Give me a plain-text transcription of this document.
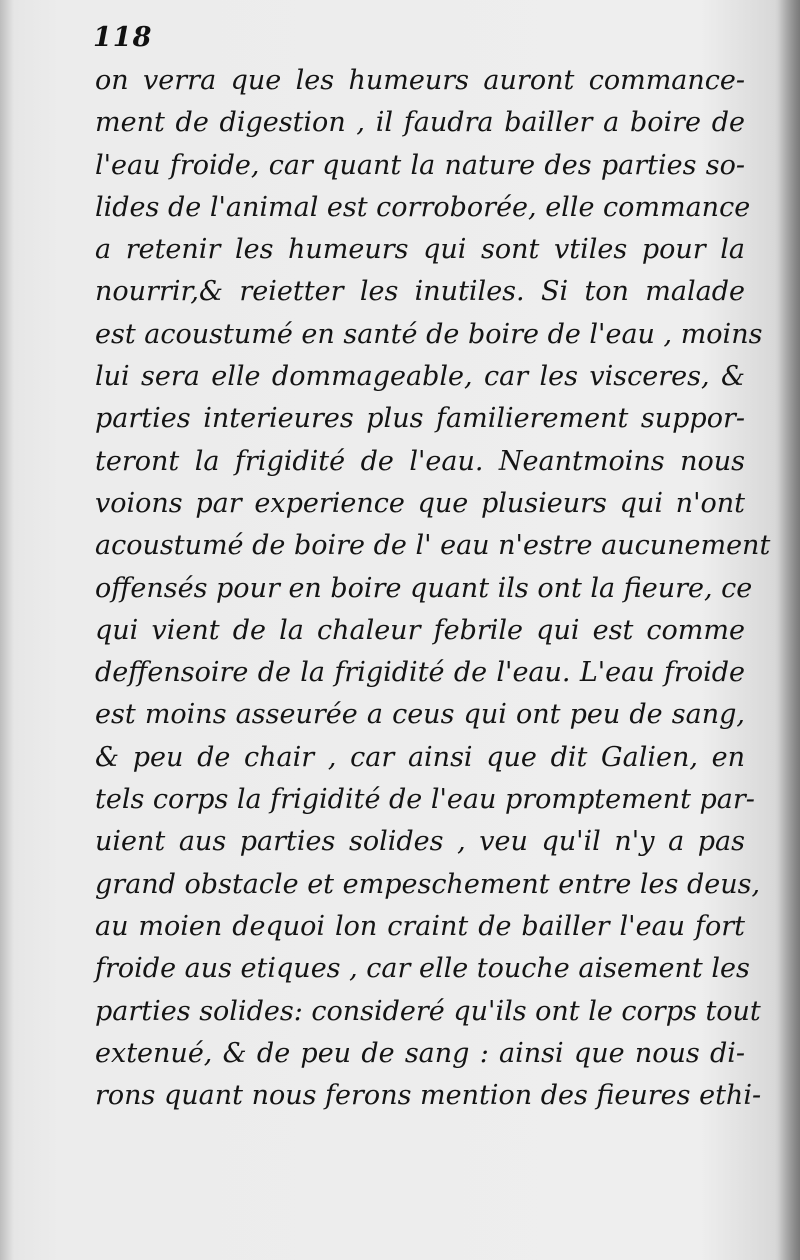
118
on verra que les humeurs auront commance-
ment de digestion , il faudra bailler a boire de
l'eau froide, car quant la nature des parties so-
lides de l'animal est corroborée, elle commance
a retenir les humeurs qui sont vtiles pour la
nourrir,& reietter les inutiles. Si ton malade
est acoustumé en santé de boire de l'eau , moins
lui sera elle dommageable, car les visceres, &
parties interieures plus familierement suppor-
teront la frigidité de l'eau. Neantmoins nous
voions par experience que plusieurs qui n'ont
acoustumé de boire de l' eau n'estre aucunement
offensés pour en boire quant ils ont la fieure, ce
qui vient de la chaleur febrile qui est comme
deffensoire de la frigidité de l'eau. L'eau froide
est moins asseurée a ceus qui ont peu de sang,
& peu de chair , car ainsi que dit Galien, en
tels corps la frigidité de l'eau promptement par-
uient aus parties solides , veu qu'il n'y a pas
grand obstacle et empeschement entre les deus,
au moien dequoi lon craint de bailler l'eau fort
froide aus etiques , car elle touche aisement les
parties solides: consideré qu'ils ont le corps tout
extenué, & de peu de sang : ainsi que nous di-
rons quant nous ferons mention des fieures ethi-
